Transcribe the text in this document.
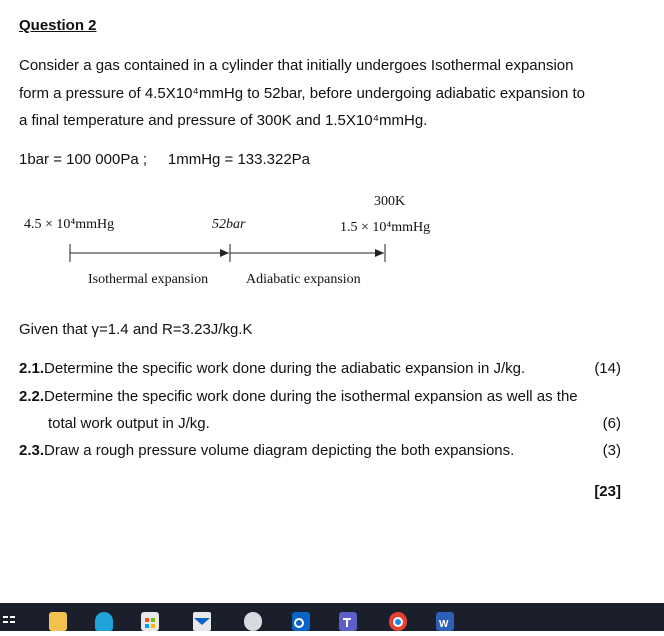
Question 2
Consider a gas contained in a cylinder that initially undergoes Isothermal expansion
form a pressure of 4.5X10⁴mmHg to 52bar, before undergoing adiabatic expansion to
a final temperature and pressure of 300K and 1.5X10⁴mmHg.
1bar = 100 000Pa ;     1mmHg = 133.322Pa
4.5 × 10⁴mmHg	52bar
300K
1.5 × 10⁴mmHg
Isothermal expansion	Adiabatic expansion
Given that γ=1.4 and R=3.23J/kg.K
2.1.Determine the specific work done during the adiabatic expansion in J/kg.	(14)
2.2.Determine the specific work done during the isothermal expansion as well as the
total work output in J/kg.	(6)
2.3.Draw a rough pressure volume diagram depicting the both expansions.	(3)
[23]
W
